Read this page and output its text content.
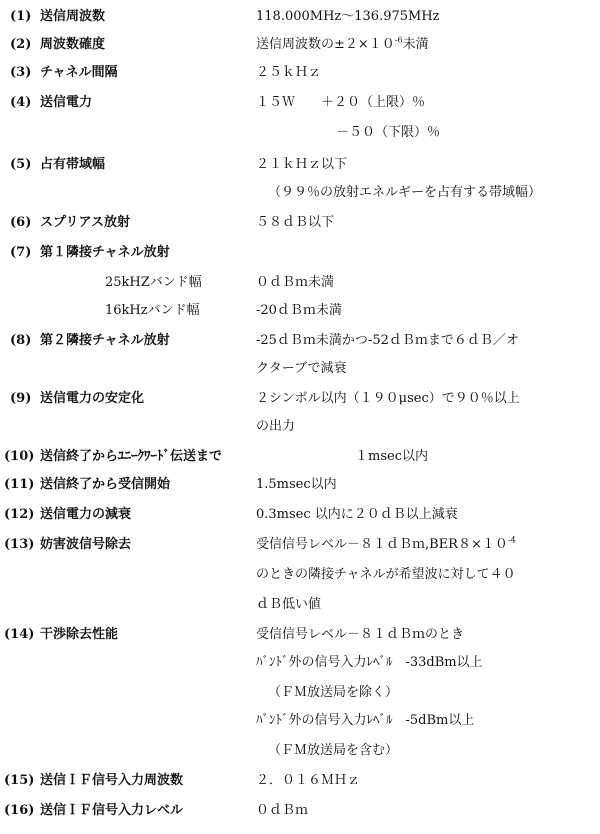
(1) 送信周波数	118.000MHz～136.975MHz
(2) 周波数確度	送信周波数の$\pm 2\times 10^{-6}$未満
(3) チャネル間隔	２５ｋＨｚ
(4) 送信電力	１５Ｗ　　＋２０（上限）％
－５０（下限）％
(5) 占有帯域幅	２１ｋＨｚ以下
（９９％の放射エネルギーを占有する帯域幅）
(6) スプリアス放射	５８ｄＢ以下
(7) 第１隣接チャネル放射
25kHZバンド幅	０ｄＢｍ未満
16kHzバンド幅	-20ｄＢｍ未満
(8) 第２隣接チャネル放射	-25ｄＢｍ未満かつ-52ｄＢｍまで６ｄＢ／オ
クターブで減衰
(9) 送信電力の安定化	２シンボル以内（１９０μsec）で９０％以上
の出力
(10) 送信終了からﾕﾆｰｸﾜｰﾄﾞ伝送まで	１msec以内
(11) 送信終了から受信開始	1.5msec以内
(12) 送信電力の減衰	0.3msec 以内に２０ｄＢ以上減衰
(13) 妨害波信号除去	受信信号レベル$-81dBm,BER8\times 10^{-4}$
のときの隣接チャネルが希望波に対して４０
ｄＢ低い値
(14) 干渉除去性能	受信信号レベル－８１ｄＢｍのとき
ﾊﾞﾝﾄﾞ外の信号入力ﾚﾍﾞﾙ　-33dBm以上
（ＦＭ放送局を除く）
ﾊﾞﾝﾄﾞ外の信号入力ﾚﾍﾞﾙ　-5dBm以上
（ＦＭ放送局を含む）
(15) 送信ＩＦ信号入力周波数	２．０１６ＭＨｚ
(16) 送信ＩＦ信号入力レベル	０ｄＢｍ
